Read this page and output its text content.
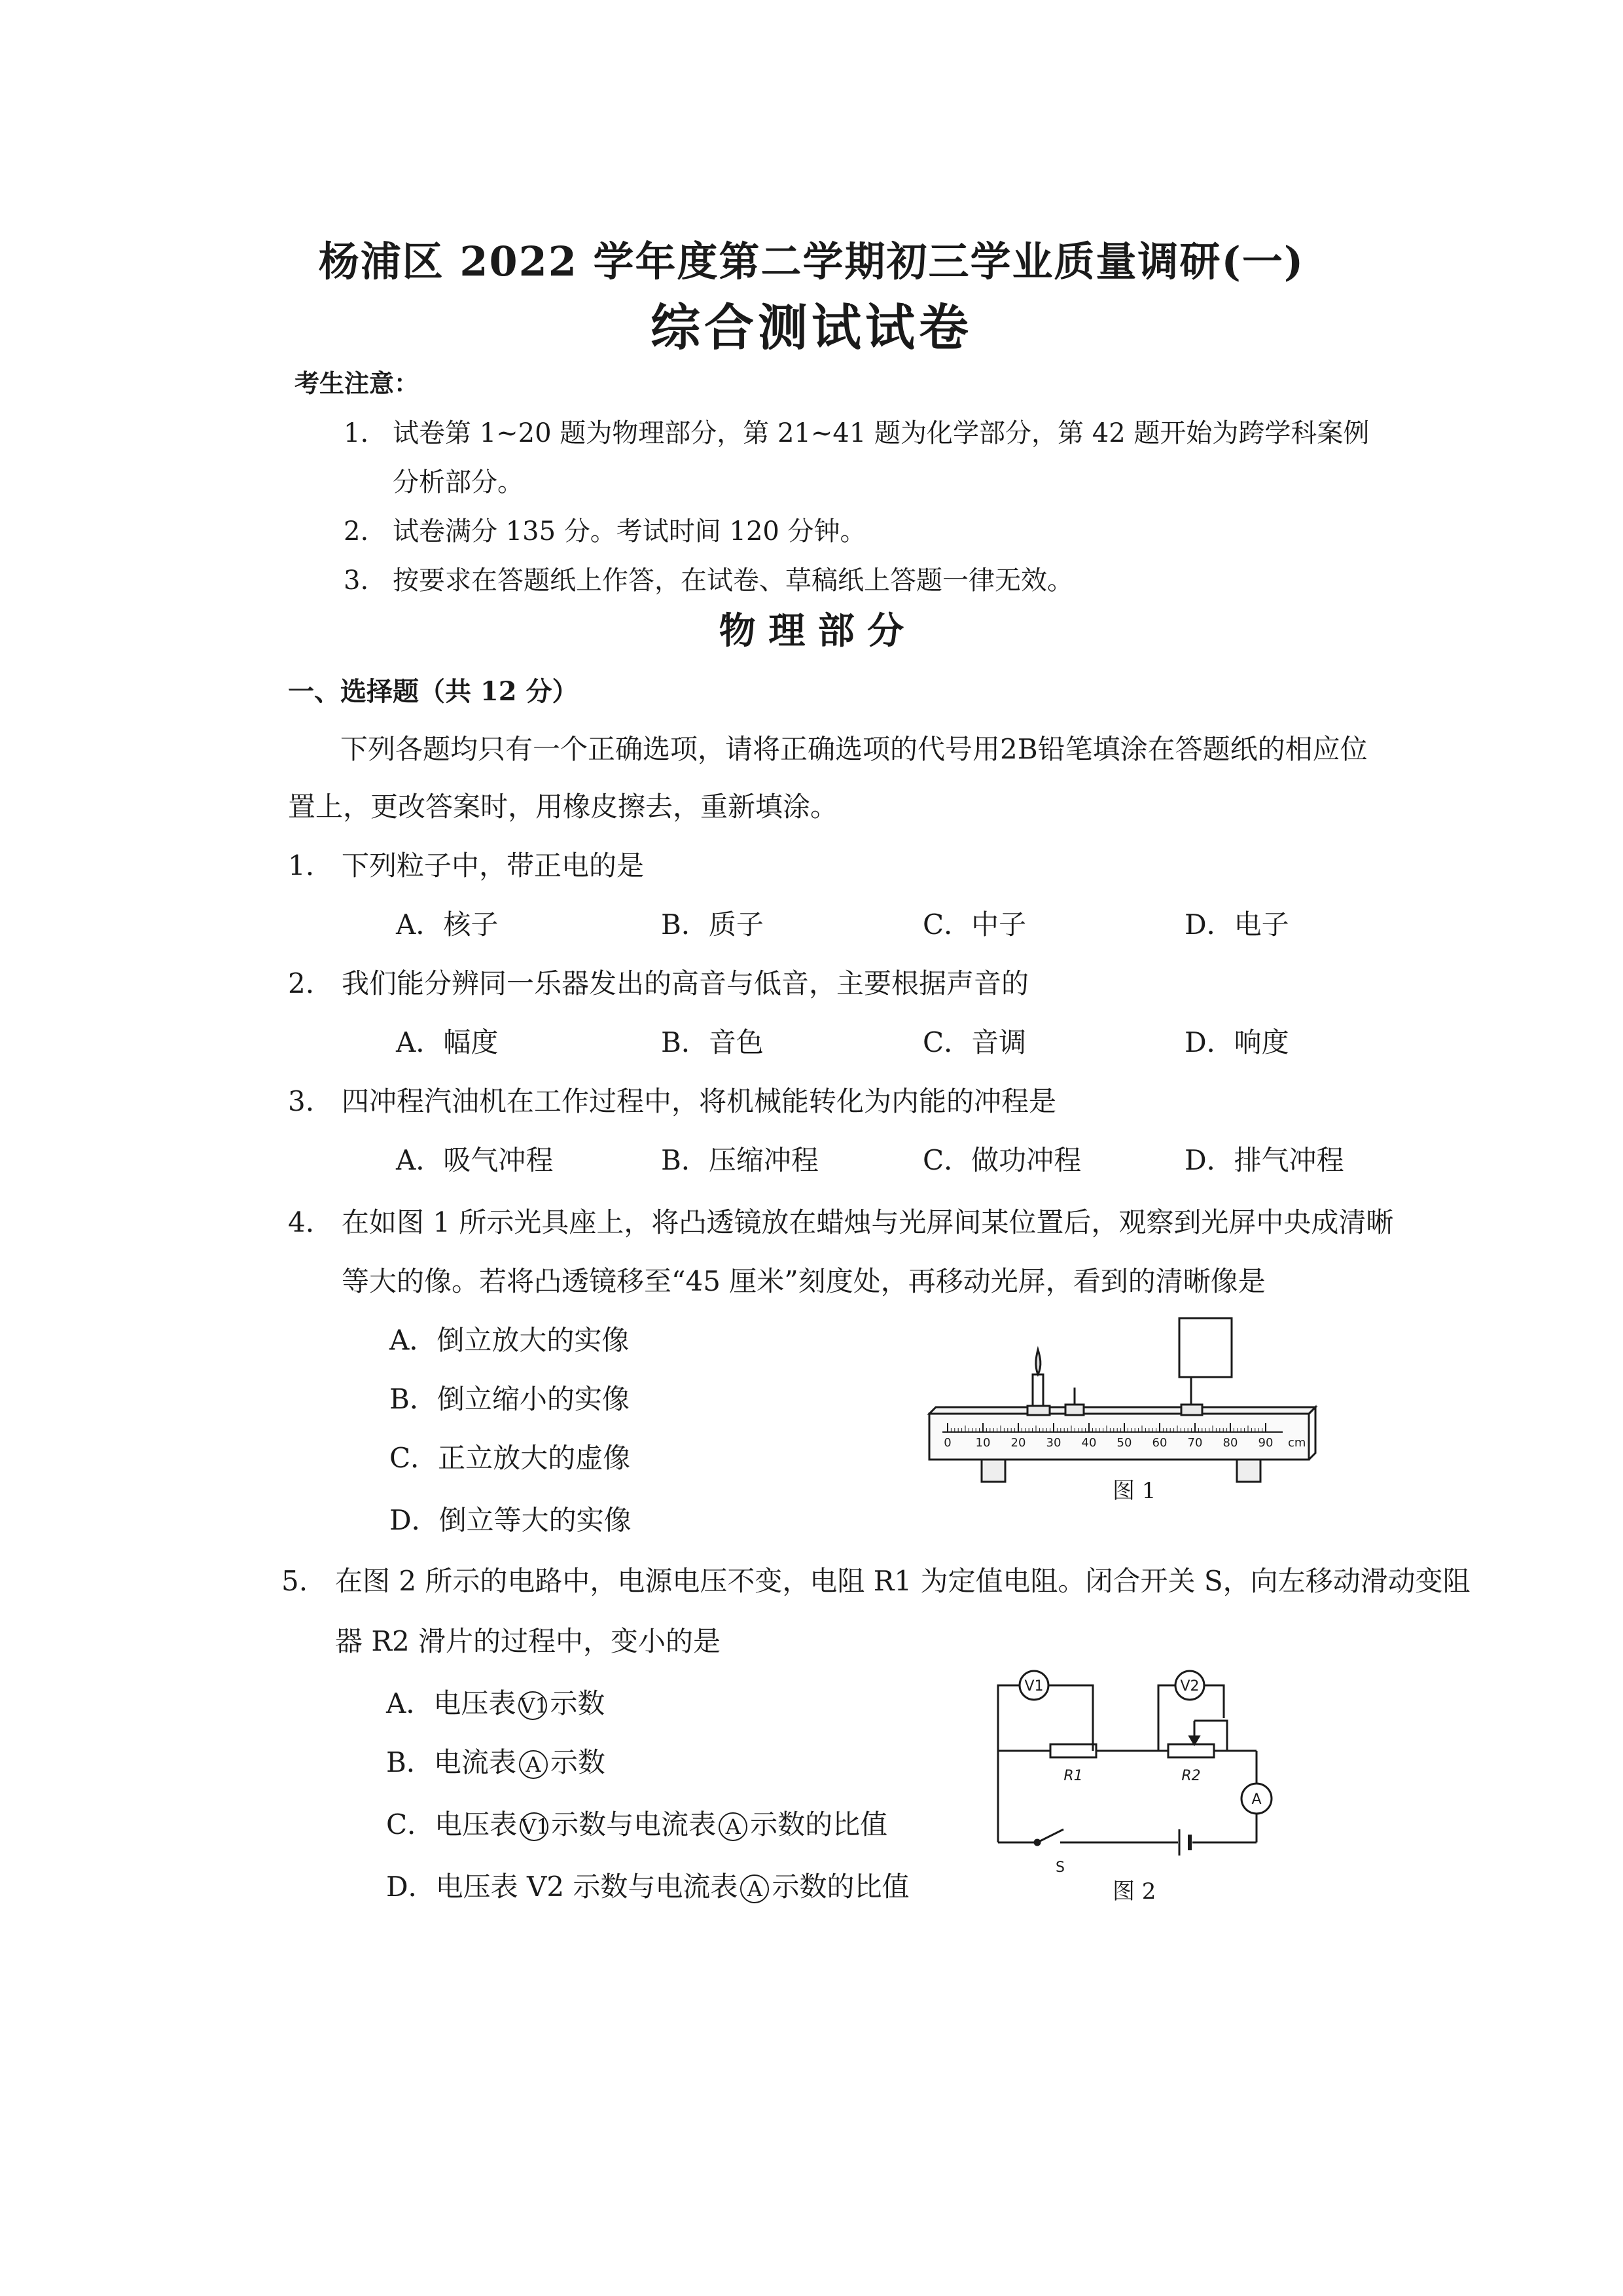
杨浦区 2022 学年度第二学期初三学业质量调研(一)
综合测试试卷
考生注意：
1. 试卷第 1~20 题为物理部分，第 21~41 题为化学部分，第 42 题开始为跨学科案例
分析部分。
2. 试卷满分 135 分。考试时间 120 分钟。
3. 按要求在答题纸上作答，在试卷、草稿纸上答题一律无效。
物 理 部 分
一、选择题（共 12 分）
下列各题均只有一个正确选项，请将正确选项的代号用2B铅笔填涂在答题纸的相应位
置上，更改答案时，用橡皮擦去，重新填涂。
1. 下列粒子中，带正电的是
A．核子	B．质子	C．中子	D．电子
2. 我们能分辨同一乐器发出的高音与低音，主要根据声音的
A．幅度	B．音色	C．音调	D．响度
3. 四冲程汽油机在工作过程中，将机械能转化为内能的冲程是
A．吸气冲程	B．压缩冲程	C．做功冲程	D．排气冲程
4. 在如图 1 所示光具座上，将凸透镜放在蜡烛与光屏间某位置后，观察到光屏中央成清晰
等大的像。若将凸透镜移至“45 厘米”刻度处，再移动光屏，看到的清晰像是
A．倒立放大的实像
B．倒立缩小的实像
C．正立放大的虚像
D．倒立等大的实像
0 10 20 30 40 50 60 70 80 90 cm
图 1
5. 在图 2 所示的电路中，电源电压不变，电阻 R1 为定值电阻。闭合开关 S，向左移动滑动变阻
器 R2 滑片的过程中，变小的是
A．电压表 V1示数
B．电流表 A 示数
C．电压表 V1示数与电流表 A 示数的比值
D．电压表 V2 示数与电流表 A 示数的比值
V1	V2
A
R1	R2
S
图 2
